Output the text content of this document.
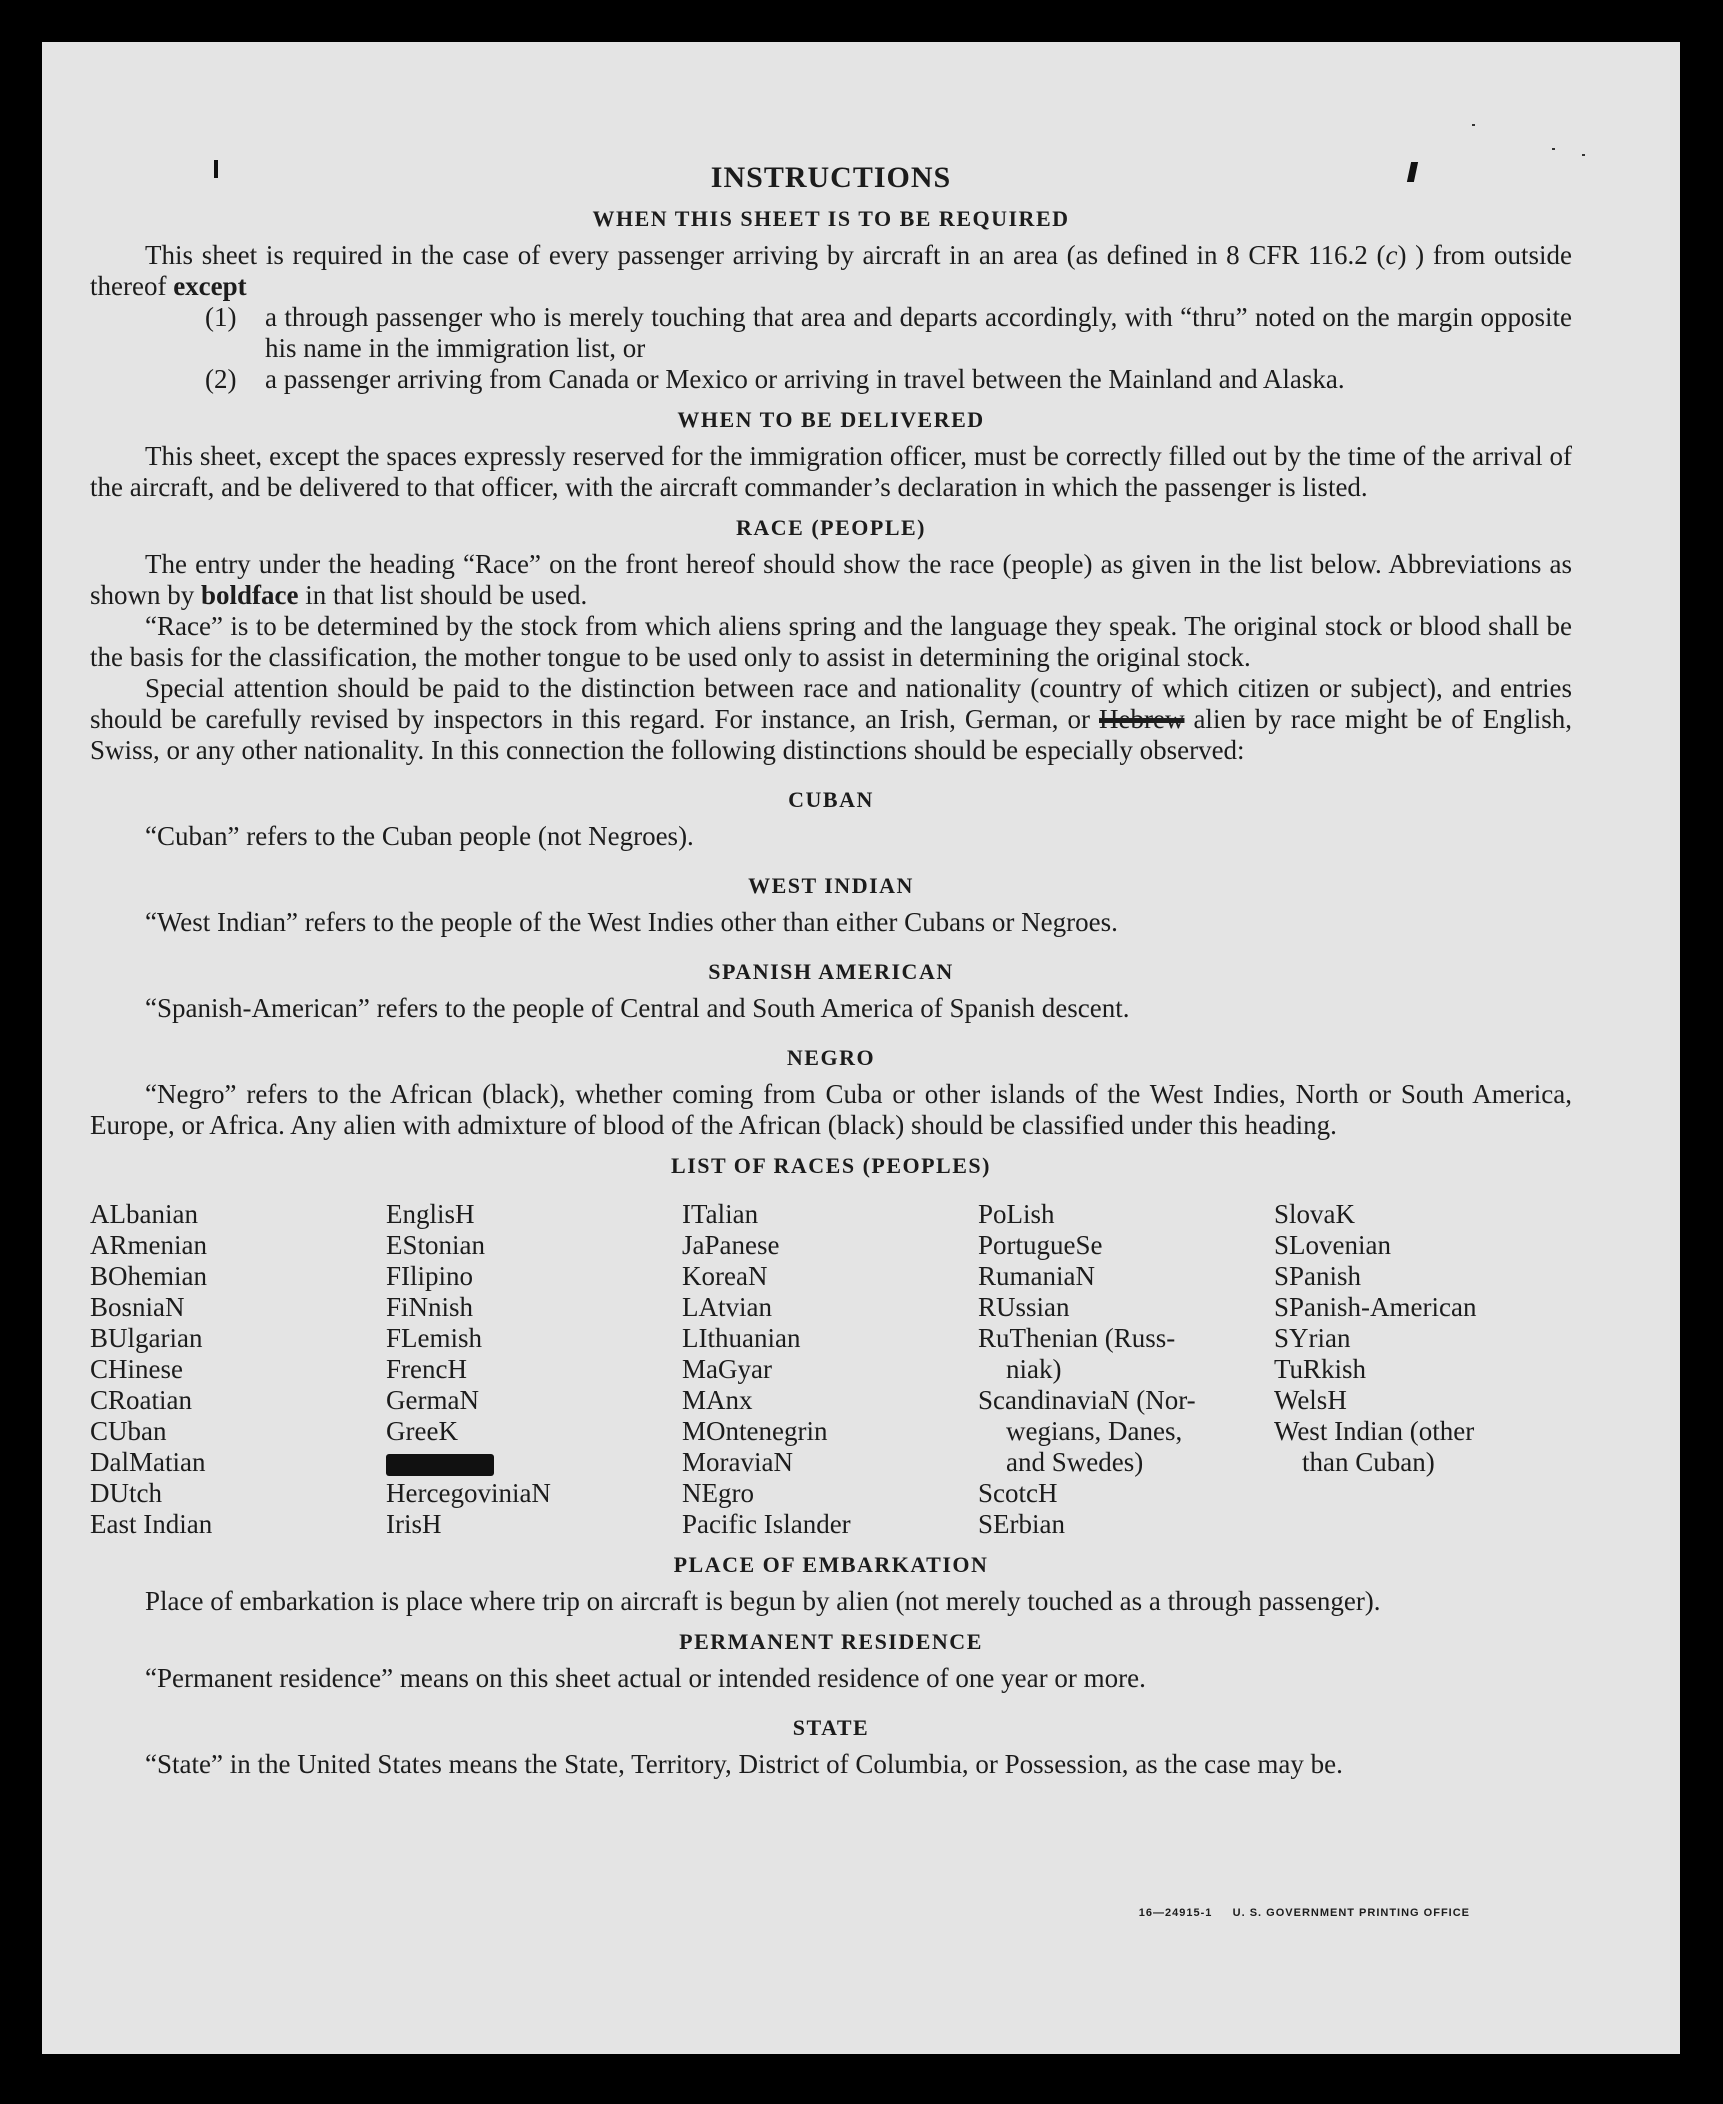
INSTRUCTIONS
WHEN THIS SHEET IS TO BE REQUIRED

This sheet is required in the case of every passenger arriving by aircraft in an area (as defined in 8 CFR 116.2 (c) ) from outside thereof except

(1)	a through passenger who is merely touching that area and departs accordingly, with “thru” noted on the margin opposite his name in the immigration list, or
(2)	a passenger arriving from Canada or Mexico or arriving in travel between the Mainland and Alaska.
WHEN TO BE DELIVERED

This sheet, except the spaces expressly reserved for the immigration officer, must be correctly filled out by the time of the arrival of the aircraft, and be delivered to that officer, with the aircraft commander’s declaration in which the passenger is listed.

RACE (PEOPLE)

The entry under the heading “Race” on the front hereof should show the race (people) as given in the list below. Abbreviations as shown by boldface in that list should be used.

“Race” is to be determined by the stock from which aliens spring and the language they speak. The original stock or blood shall be the basis for the classification, the mother tongue to be used only to assist in determining the original stock.

Special attention should be paid to the distinction between race and nationality (country of which citizen or subject), and entries should be carefully revised by inspectors in this regard. For instance, an Irish, German, or Hebrew alien by race might be of English, Swiss, or any other nationality. In this connection the following distinctions should be especially observed:

CUBAN

“Cuban” refers to the Cuban people (not Negroes).

WEST INDIAN

“West Indian” refers to the people of the West Indies other than either Cubans or Negroes.

SPANISH AMERICAN

“Spanish-American” refers to the people of Central and South America of Spanish descent.

NEGRO

“Negro” refers to the African (black), whether coming from Cuba or other islands of the West Indies, North or South America, Europe, or Africa. Any alien with admixture of blood of the African (black) should be classified under this heading.

LIST OF RACES (PEOPLES)
ALbanian
ARmenian
BOhemian
BosniaN
BUlgarian
CHinese
CRoatian
CUban
DalMatian
DUtch
East Indian
EnglisH
EStonian
FIlipino
FiNnish
FLemish
FrencH
GermaN
GreeK
HercegoviniaN
IrisH
ITalian
JaPanese
KoreaN
LAtvian
LIthuanian
MaGyar
MAnx
MOntenegrin
MoraviaN
NEgro
Pacific Islander
PoLish
PortugueSe
RumaniaN
RUssian
RuThenian (Russ-
niak)
ScandinaviaN (Nor-
wegians, Danes,
and Swedes)
ScotcH
SErbian
SlovaK
SLovenian
SPanish
SPanish-American
SYrian
TuRkish
WelsH
West Indian (other
than Cuban)
PLACE OF EMBARKATION

Place of embarkation is place where trip on aircraft is begun by alien (not merely touched as a through passenger).

PERMANENT RESIDENCE

“Permanent residence” means on this sheet actual or intended residence of one year or more.

STATE

“State” in the United States means the State, Territory, District of Columbia, or Possession, as the case may be.

16—24915-1 U. S. GOVERNMENT PRINTING OFFICE
